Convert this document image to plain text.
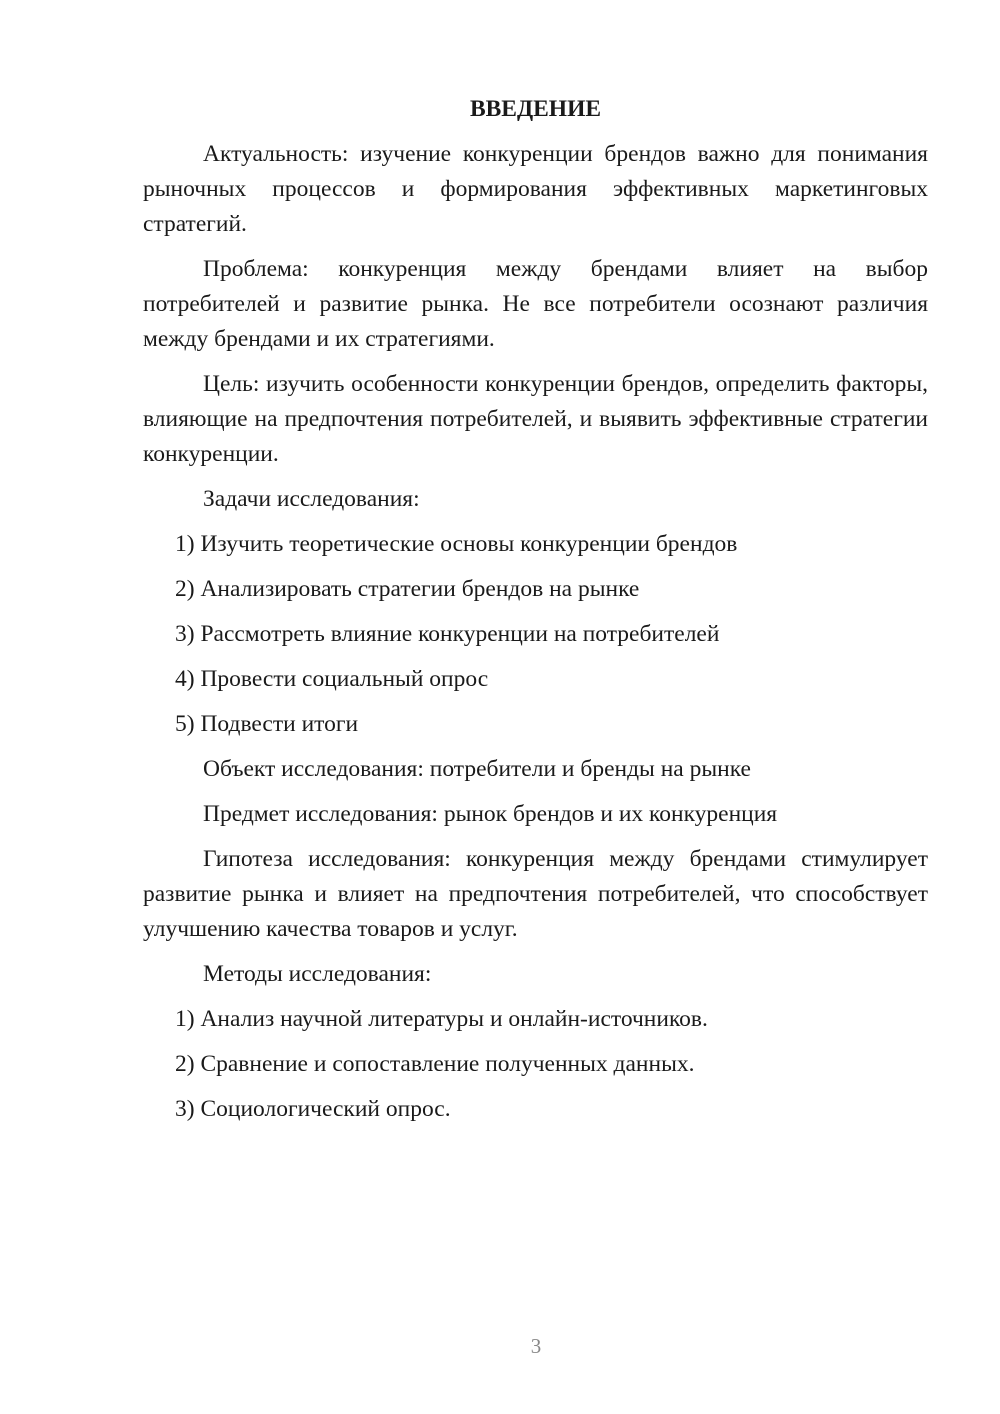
ВВЕДЕНИЕ

Актуальность: изучение конкуренции брендов важно для понимания рыночных процессов и формирования эффективных маркетинговых стратегий.

Проблема: конкуренция между брендами влияет на выбор потребителей и развитие рынка. Не все потребители осознают различия между брендами и их стратегиями.

Цель: изучить особенности конкуренции брендов, определить факторы, влияющие на предпочтения потребителей, и выявить эффективные стратегии конкуренции.

Задачи исследования:
1) Изучить теоретические основы конкуренции брендов
2) Анализировать стратегии брендов на рынке
3) Рассмотреть влияние конкуренции на потребителей
4) Провести социальный опрос
5) Подвести итоги
Объект исследования: потребители и бренды на рынке
Предмет исследования: рынок брендов и их конкуренция

Гипотеза исследования: конкуренция между брендами стимулирует развитие рынка и влияет на предпочтения потребителей, что способствует улучшению качества товаров и услуг.

Методы исследования:
1) Анализ научной литературы и онлайн-источников.
2) Сравнение и сопоставление полученных данных.
3) Социологический опрос.
3
